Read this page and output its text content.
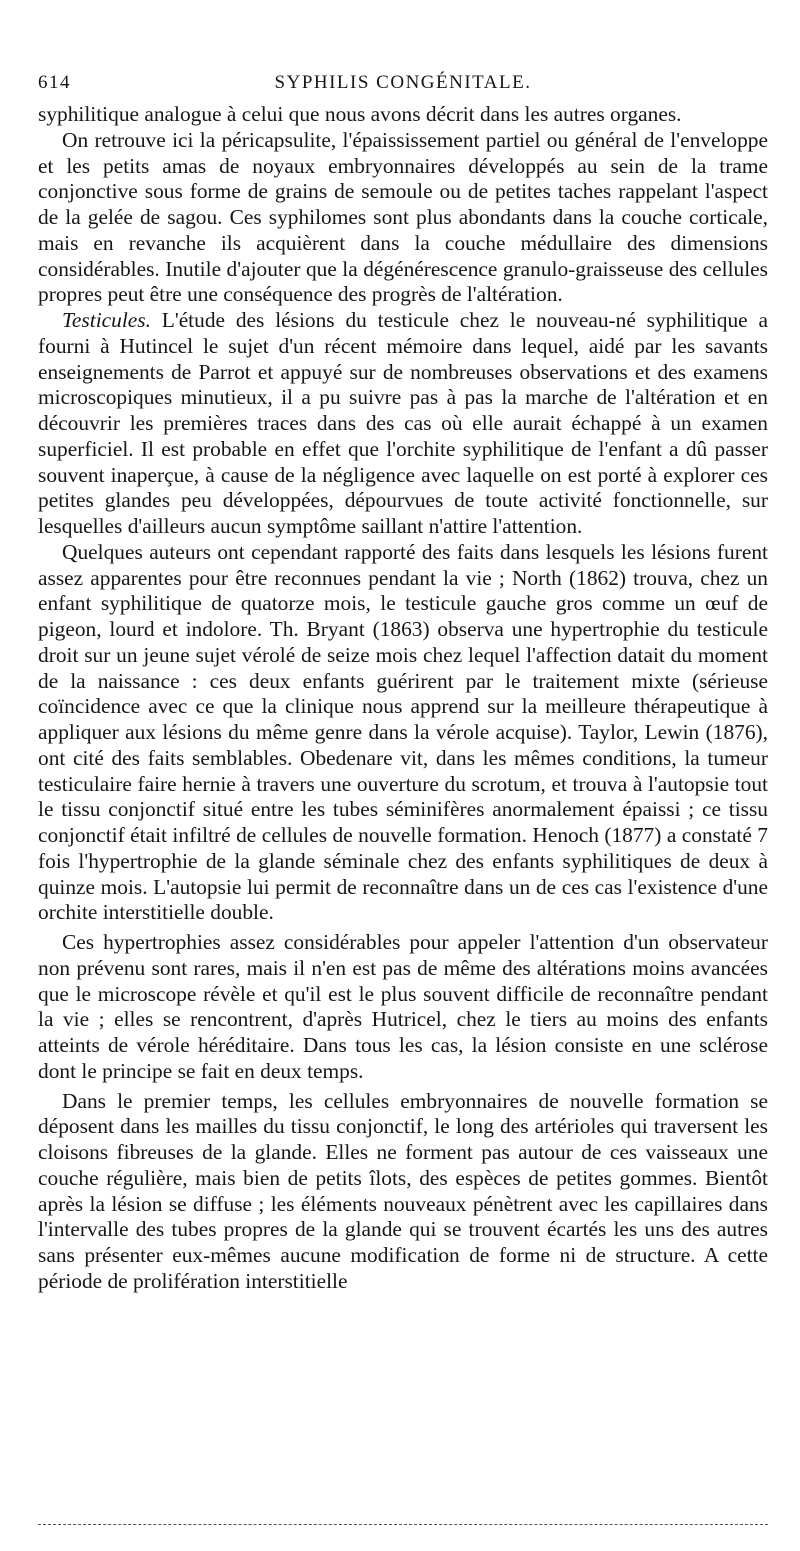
614	SYPHILIS CONGÉNITALE.

syphilitique analogue à celui que nous avons décrit dans les autres organes.

On retrouve ici la péricapsulite, l'épaississement partiel ou général de l'enveloppe et les petits amas de noyaux embryonnaires développés au sein de la trame conjonctive sous forme de grains de semoule ou de petites taches rappelant l'aspect de la gelée de sagou. Ces syphilomes sont plus abondants dans la couche corticale, mais en revanche ils acquièrent dans la couche médullaire des dimensions considérables. Inutile d'ajouter que la dégénérescence granulo-graisseuse des cellules propres peut être une conséquence des progrès de l'altération.

Testicules. L'étude des lésions du testicule chez le nouveau-né syphilitique a fourni à Hutincel le sujet d'un récent mémoire dans lequel, aidé par les savants enseignements de Parrot et appuyé sur de nombreuses observations et des examens microscopiques minutieux, il a pu suivre pas à pas la marche de l'altération et en découvrir les premières traces dans des cas où elle aurait échappé à un examen superficiel. Il est probable en effet que l'orchite syphilitique de l'enfant a dû passer souvent inaperçue, à cause de la négligence avec laquelle on est porté à explorer ces petites glandes peu développées, dépourvues de toute activité fonctionnelle, sur lesquelles d'ailleurs aucun symptôme saillant n'attire l'attention.

Quelques auteurs ont cependant rapporté des faits dans lesquels les lésions furent assez apparentes pour être reconnues pendant la vie ; North (1862) trouva, chez un enfant syphilitique de quatorze mois, le testicule gauche gros comme un œuf de pigeon, lourd et indolore. Th. Bryant (1863) observa une hypertrophie du testicule droit sur un jeune sujet vérolé de seize mois chez lequel l'affection datait du moment de la naissance : ces deux enfants guérirent par le traitement mixte (sérieuse coïncidence avec ce que la clinique nous apprend sur la meilleure thérapeutique à appliquer aux lésions du même genre dans la vérole acquise). Taylor, Lewin (1876), ont cité des faits semblables. Obedenare vit, dans les mêmes conditions, la tumeur testiculaire faire hernie à travers une ouverture du scrotum, et trouva à l'autopsie tout le tissu conjonctif situé entre les tubes séminifères anormalement épaissi ; ce tissu conjonctif était infiltré de cellules de nouvelle formation. Henoch (1877) a constaté 7 fois l'hypertrophie de la glande séminale chez des enfants syphilitiques de deux à quinze mois. L'autopsie lui permit de reconnaître dans un de ces cas l'existence d'une orchite interstitielle double.

Ces hypertrophies assez considérables pour appeler l'attention d'un observateur non prévenu sont rares, mais il n'en est pas de même des altérations moins avancées que le microscope révèle et qu'il est le plus souvent difficile de reconnaître pendant la vie ; elles se rencontrent, d'après Hutricel, chez le tiers au moins des enfants atteints de vérole héréditaire. Dans tous les cas, la lésion consiste en une sclérose dont le principe se fait en deux temps.

Dans le premier temps, les cellules embryonnaires de nouvelle formation se déposent dans les mailles du tissu conjonctif, le long des artérioles qui traversent les cloisons fibreuses de la glande. Elles ne forment pas autour de ces vaisseaux une couche régulière, mais bien de petits îlots, des espèces de petites gommes. Bientôt après la lésion se diffuse ; les éléments nouveaux pénètrent avec les capillaires dans l'intervalle des tubes propres de la glande qui se trouvent écartés les uns des autres sans présenter eux-mêmes aucune modification de forme ni de structure. A cette période de prolifération interstitielle
